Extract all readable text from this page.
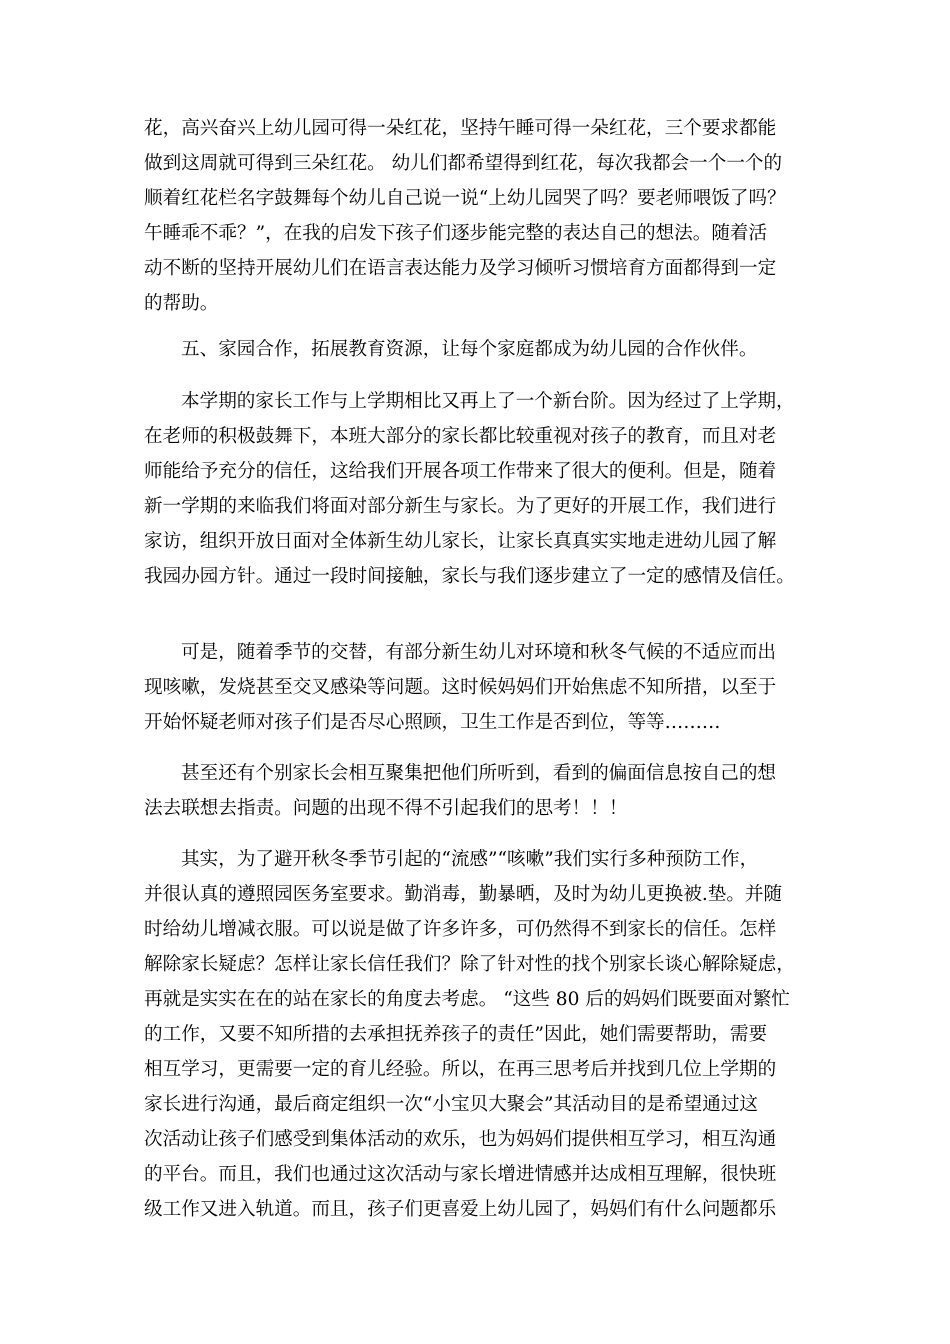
花，高兴奋兴上幼儿园可得一朵红花，坚持午睡可得一朵红花，三个要求都能
做到这周就可得到三朵红花。 幼儿们都希望得到红花，每次我都会一个一个的
顺着红花栏名字鼓舞每个幼儿自己说一说“上幼儿园哭了吗？要老师喂饭了吗？
午睡乖不乖？”，在我的启发下孩子们逐步能完整的表达自己的想法。随着活
动不断的坚持开展幼儿们在语言表达能力及学习倾听习惯培育方面都得到一定
的帮助。
五、家园合作，拓展教育资源，让每个家庭都成为幼儿园的合作伙伴。
本学期的家长工作与上学期相比又再上了一个新台阶。因为经过了上学期，
在老师的积极鼓舞下，本班大部分的家长都比较重视对孩子的教育，而且对老
师能给予充分的信任，这给我们开展各项工作带来了很大的便利。但是，随着
新一学期的来临我们将面对部分新生与家长。为了更好的开展工作，我们进行
家访，组织开放日面对全体新生幼儿家长，让家长真真实实地走进幼儿园了解
我园办园方针。通过一段时间接触，家长与我们逐步建立了一定的感情及信任。
可是，随着季节的交替，有部分新生幼儿对环境和秋冬气候的不适应而出
现咳嗽，发烧甚至交叉感染等问题。这时候妈妈们开始焦虑不知所措，以至于
开始怀疑老师对孩子们是否尽心照顾，卫生工作是否到位，等等………
甚至还有个别家长会相互聚集把他们所听到，看到的偏面信息按自己的想
法去联想去指责。问题的出现不得不引起我们的思考！！！
其实，为了避开秋冬季节引起的“流感”“咳嗽”我们实行多种预防工作，
并很认真的遵照园医务室要求。勤消毒，勤暴晒，及时为幼儿更换被.垫。并随
时给幼儿增减衣服。可以说是做了许多许多，可仍然得不到家长的信任。怎样
解除家长疑虑？怎样让家长信任我们？除了针对性的找个别家长谈心解除疑虑，
再就是实实在在的站在家长的角度去考虑。 “这些 80 后的妈妈们既要面对繁忙
的工作，又要不知所措的去承担抚养孩子的责任”因此，她们需要帮助，需要
相互学习，更需要一定的育儿经验。所以，在再三思考后并找到几位上学期的
家长进行沟通，最后商定组织一次“小宝贝大聚会”其活动目的是希望通过这
次活动让孩子们感受到集体活动的欢乐，也为妈妈们提供相互学习，相互沟通
的平台。而且，我们也通过这次活动与家长增进情感并达成相互理解，很快班
级工作又进入轨道。而且，孩子们更喜爱上幼儿园了，妈妈们有什么问题都乐
